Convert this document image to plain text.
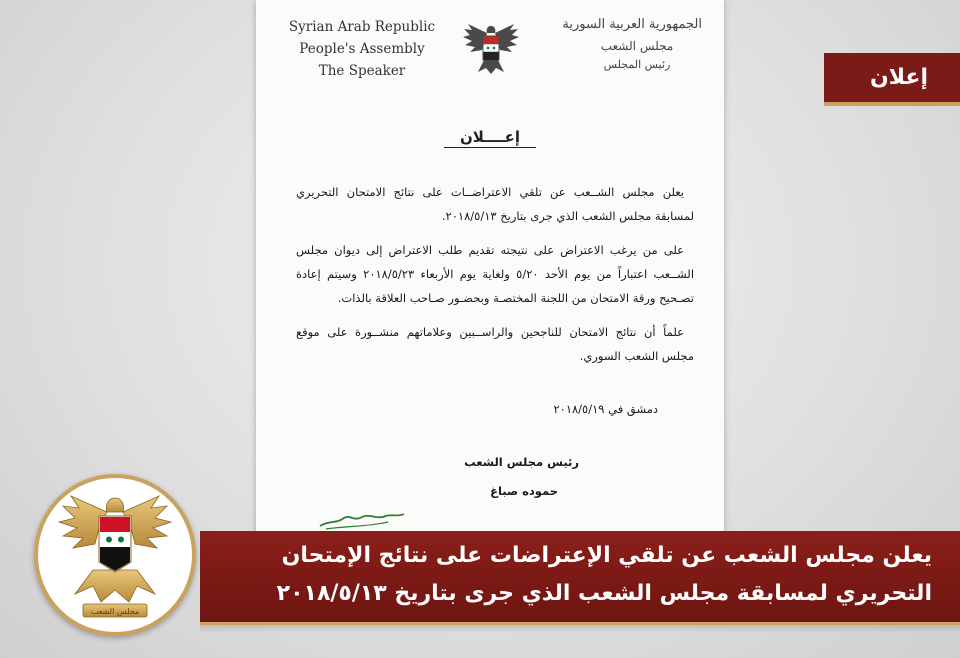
Syrian Arab Republic
People's Assembly
The Speaker
الجمهورية العربية السورية
مجلس الشعب
رئيس المجلس
إعــــلان

يعلن مجلس الشــعب عن تلقي الاعتراضــات على نتائج الامتحان التحريري لمسابقة مجلس الشعب الذي جرى بتاريخ ٢٠١٨/٥/١٣.

على من يرغب الاعتراض على نتيجته تقديم طلب الاعتراض إلى ديوان مجلس الشــعب اعتباراً من يوم الأحد ٥/٢٠ ولغاية يوم الأربعاء ٢٠١٨/٥/٢٣ وسيتم إعادة تصـحيح ورقة الامتحان من اللجنة المختصـة وبحضـور صـاحب العلاقة بالذات.

علماً أن نتائج الامتحان للناجحين والراســبين وعلاماتهم منشــورة على موقع مجلس الشعب السوري.

دمشق في ٢٠١٨/٥/١٩
رئيس مجلس الشعب
حموده صباغ
إعلان
يعلن مجلس الشعب عن تلقي الإعتراضات على نتائج الإمتحان
التحريري لمسابقة مجلس الشعب الذي جرى بتاريخ ٢٠١٨/٥/١٣
مجلس الشعب
